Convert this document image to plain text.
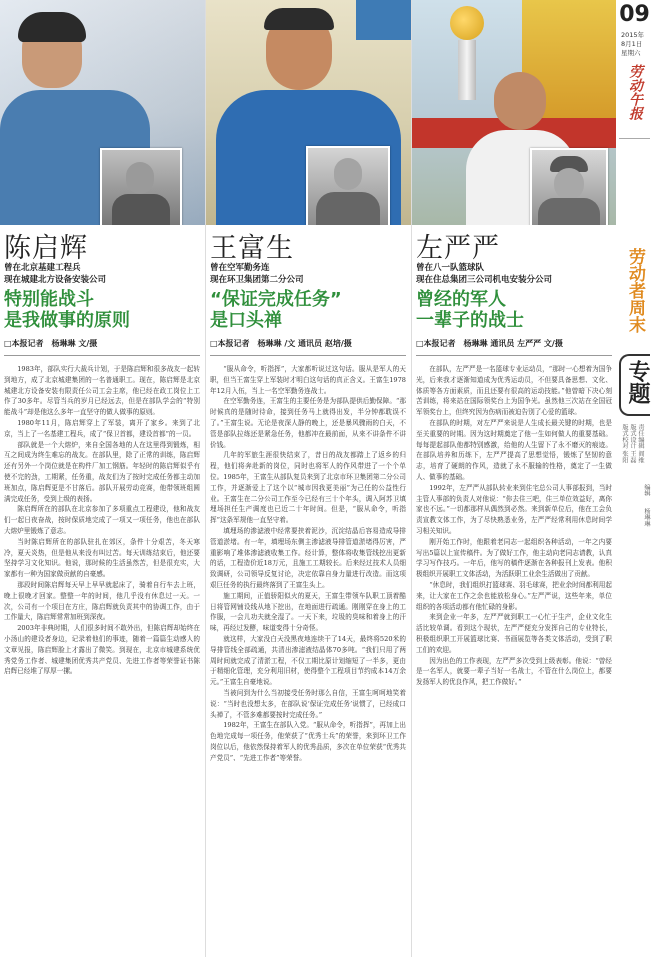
陈启辉
曾在北京基建工程兵
现在城建北方设备安装公司
特别能战斗
是我做事的原则
□本报记者　杨琳琳 文/摄

1983年，部队实行大裁兵计划，于是陈启辉和很多战友一起转到地方，成了北京城建集团的一名普通职工。现在，陈启辉是北京城建北方设备安装有限责任公司工会主席，他已经在政工岗位上工作了30多年。尽管当兵的岁月已经远去，但是在部队学会的“特别能战斗”却是他这么多年一直坚守的做人做事的原则。

1980年11月，陈启辉穿上了军装，离开了家乡。来到了北京，当上了一名基建工程兵，成了“保卫首都，建设首都”的一员。

部队就是一个大熔炉，来自全国各地的人在这里得到锻炼，相互之间成为终生难忘的战友。在部队里，除了正常的训练，陈启辉还有另外一个岗位就是在构件厂加工钢筋。年轻时的陈启辉似乎有使不完的劲，工期紧，任务重，战友们为了按时完成任务都主动加班加点，陈启辉更是不甘落后。部队开展劳动竞赛，他带领班组圆满完成任务，受到上级的表扬。

陈启辉所在的部队在北京参加了多项重点工程建设，他和战友们一起日夜奋战，按时保质地完成了一项又一项任务，他也在部队大熔炉里锻炼了意志。

当时陈启辉所在的部队驻扎在郊区，条件十分艰苦，冬天寒冷，夏天炎热，但是他从来没有叫过苦。每天训练结束后，他还要坚持学习文化知识。他说，那时候的生活虽然苦，但是很充实，大家都有一种为国家做贡献的自豪感。

那段时间陈启辉每天早上早早就起床了，骑着自行车去上班，晚上很晚才回家。整整一年的时间，他几乎没有休息过一天。一次，公司有一个项目在方庄，陈启辉就负责其中的协调工作，由于工作量大，陈启辉常常加班到深夜。

2003年非典时期，人们很多时间不敢外出，但陈启辉却始终在小汤山的建设者身边，记录着他们的事迹，随着一篇篇生动感人的文章见报，陈启辉脸上才露出了微笑。到现在，北京市城建系统优秀党务工作者、城建集团优秀共产党员、先进工作者等荣誉证书陈启辉已经堆了厚厚一摞。

王富生
曾在空军勤务连
现在环卫集团第二分公司
“保证完成任务”
是口头禅
□本报记者　杨琳琳 /文 通讯员 赵培/摄

“服从命令，听指挥”，大家都听说过这句话。服从是军人的天职，但当王富生穿上军装时才明白这句话的真正含义。王富生1978年12月入伍，当上一名空军勤务连战士。

在空军勤务连，王富生的主要任务是为部队提供后勤保障。“那时候真的是随时待命，接到任务马上就得出发，半分钟都耽误不了。”王富生说。无论是夜深人静的晚上，还是暴风骤雨的白天，不管是部队拉练还是紧急任务，他都冲在最前面，从来不讲条件不讲价钱。

几年的军旅生涯很快结束了，昔日的战友都踏上了返乡的归程，他们将奔赴新的岗位，同时也将军人的作风带进了一个个单位。1985年，王富生从部队复员来到了北京市环卫集团第二分公司工作，并逐渐爱上了这个以“城市因我更美丽”为己任的公益性行业。王富生在二分公司工作至今已经有三十个年头，调入阿苏卫填埋场担任生产调度也已近二十年时间。但是，“服从命令，听指挥”这条军规他一直坚守着。

填埋场的渗滤液中经常要挟着泥沙，沉淀结晶后容易造成导排管道淤堵。有一年，填埋场东侧主渗滤液导排管道淤堵得厉害，严重影响了堆体渗滤液收集工作。经计算，整体将收集管线挖出更新的话，工程造价近18万元，且施工工期较长。后来经过技术人员细致调研，公司领导反复讨论，决定依靠自身力量进行改造。而这项艰巨任务的执行最终落到了王富生头上。

施工期间，正值骄阳似火的夏天，王富生带领车队职工顶着酷日将管网铺设线从地下挖出，在地面进行疏通。刚刚穿在身上的工作服，一会儿功夫就全湿了。一天下来，垃圾的臭味和着身上的汗味，再经过发酵，味道变得十分奇怪。

就这样，大家没白天没黑夜地连续干了14天，最终将520米的导排管线全部疏通，共清出渗滤液结晶体70多吨。“我们只用了两周时间就完成了清淤工程，不仅工期比原计划缩短了一半多，更由于精细化管理，充分利用旧材，使得整个工程项目节约成本14万余元。”王富生自豪地说。

当被问到为什么当初接受任务时那么自信，王富生呵呵地笑着说：“当时也没想太多，在部队说‘保证完成任务’说惯了，已经成口头禅了，不管多难都要按时完成任务。”

1982年，王富生在部队入党。“服从命令，听指挥”，再加上出色地完成每一项任务，他荣获了“优秀士兵”的荣誉，来到环卫工作岗位以后，他依然保持着军人的优秀品质，多次在单位荣获“优秀共产党员”、“先进工作者”等荣誉。

左严严
曾在八一队篮球队
现在住总集团三公司机电安装分公司
曾经的军人
一辈子的战士
□本报记者　杨琳琳 通讯员 左严严 文/摄

在部队，左严严是一名篮球专业运动员，“那时一心想着为国争光，后来我才逐渐知道成为优秀运动员，不但要具备思想、文化、体质等各方面素质，而且还要有很高的运动技能。”他曾暗下决心刻苦训练，将来站在国际领奖台上为国争光。虽然他三次站在全国冠军领奖台上，但终究因为伤病而被迫告别了心爱的篮球。

在部队的时期，对左严严来说是人生成长最关键的时期，也是至关重要的时期。因为这时期奠定了他一生如何做人的重要基础。每每提起部队他都特别感激，给他的人生留下了永不磨灭的痕迹。在部队培养和历练下，左严严提高了思想觉悟，锻炼了坚韧的意志，培育了硬朗的作风，造就了永不服输的性格，奠定了一生做人、做事的基础。

1992年，左严严从部队转业来到住宅总公司人事部报到，当时主管人事部的负责人对他说：“你去住三吧，住三单位效益好，离你家也不远。”一切都那样从偶然到必然。来到新单位后，他在工会负责宣教文体工作，为了尽快熟悉业务，左严严经常利用休息时间学习相关知识。

刚开始工作时，他跟着老同志一起组织各种活动，一年之内要写出5篇以上宣传稿件。为了做好工作，他主动向老同志请教，认真学习写作技巧。一年后，他写的稿件逐渐在各种报刊上发表。他积极组织开展职工文体活动，为活跃职工业余生活做出了贡献。

“休息时，我们组织打篮球赛、羽毛球赛，把业余时间都利用起来，让大家在工作之余也能放松身心。”左严严说，这些年来，单位组织的各项活动都有他忙碌的身影。

来到企业一年多，左严严就到职工一心忙于生产，企业文化生活比较单调。看到这个现状，左严严便充分发挥自己的专业特长，积极组织职工开展篮球比赛、书画展览等各类文体活动，受到了职工们的欢迎。

因为出色的工作表现，左严严多次受到上级表彰。他说：“曾经是一名军人，就要一辈子当好一名战士，不管在什么岗位上，都要发扬军人的优良作风，把工作做好。”

09
2015年
8月1日
星期六
劳动午报
劳动者周末
专题
责任编辑 阎维
版式设计 王磊
版式校对 张阳
编辑
杨琳琳
